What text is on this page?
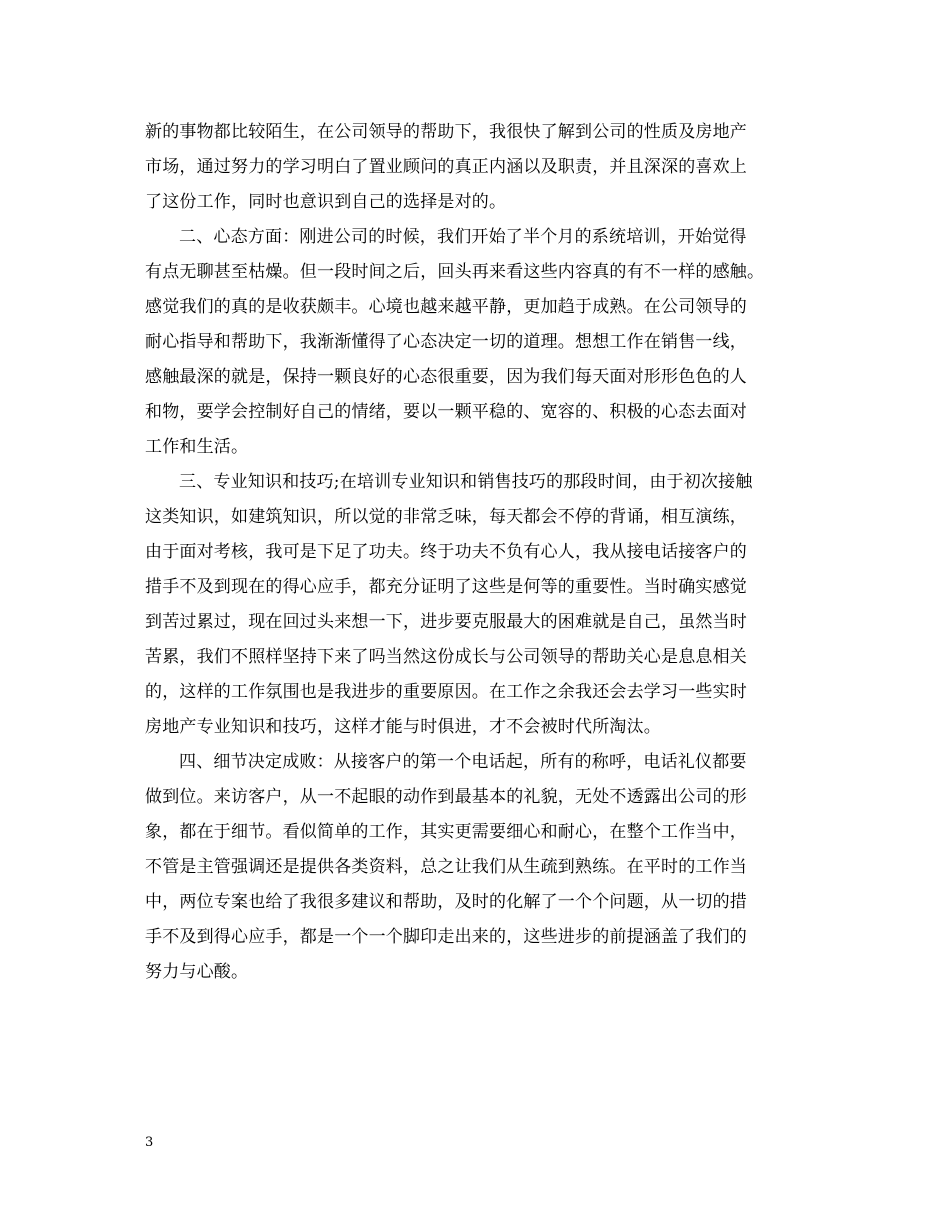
新的事物都比较陌生，在公司领导的帮助下，我很快了解到公司的性质及房地产
市场，通过努力的学习明白了置业顾问的真正内涵以及职责，并且深深的喜欢上
了这份工作，同时也意识到自己的选择是对的。
二、心态方面：刚进公司的时候，我们开始了半个月的系统培训，开始觉得
有点无聊甚至枯燥。但一段时间之后，回头再来看这些内容真的有不一样的感触。
感觉我们的真的是收获颇丰。心境也越来越平静，更加趋于成熟。在公司领导的
耐心指导和帮助下，我渐渐懂得了心态决定一切的道理。想想工作在销售一线，
感触最深的就是，保持一颗良好的心态很重要，因为我们每天面对形形色色的人
和物，要学会控制好自己的情绪，要以一颗平稳的、宽容的、积极的心态去面对
工作和生活。
三、专业知识和技巧;在培训专业知识和销售技巧的那段时间，由于初次接触
这类知识，如建筑知识，所以觉的非常乏味，每天都会不停的背诵，相互演练，
由于面对考核，我可是下足了功夫。终于功夫不负有心人，我从接电话接客户的
措手不及到现在的得心应手，都充分证明了这些是何等的重要性。当时确实感觉
到苦过累过，现在回过头来想一下，进步要克服最大的困难就是自己，虽然当时
苦累，我们不照样坚持下来了吗当然这份成长与公司领导的帮助关心是息息相关
的，这样的工作氛围也是我进步的重要原因。在工作之余我还会去学习一些实时
房地产专业知识和技巧，这样才能与时俱进，才不会被时代所淘汰。
四、细节决定成败：从接客户的第一个电话起，所有的称呼，电话礼仪都要
做到位。来访客户，从一不起眼的动作到最基本的礼貌，无处不透露出公司的形
象，都在于细节。看似简单的工作，其实更需要细心和耐心，在整个工作当中，
不管是主管强调还是提供各类资料，总之让我们从生疏到熟练。在平时的工作当
中，两位专案也给了我很多建议和帮助，及时的化解了一个个问题，从一切的措
手不及到得心应手，都是一个一个脚印走出来的，这些进步的前提涵盖了我们的
努力与心酸。
3
